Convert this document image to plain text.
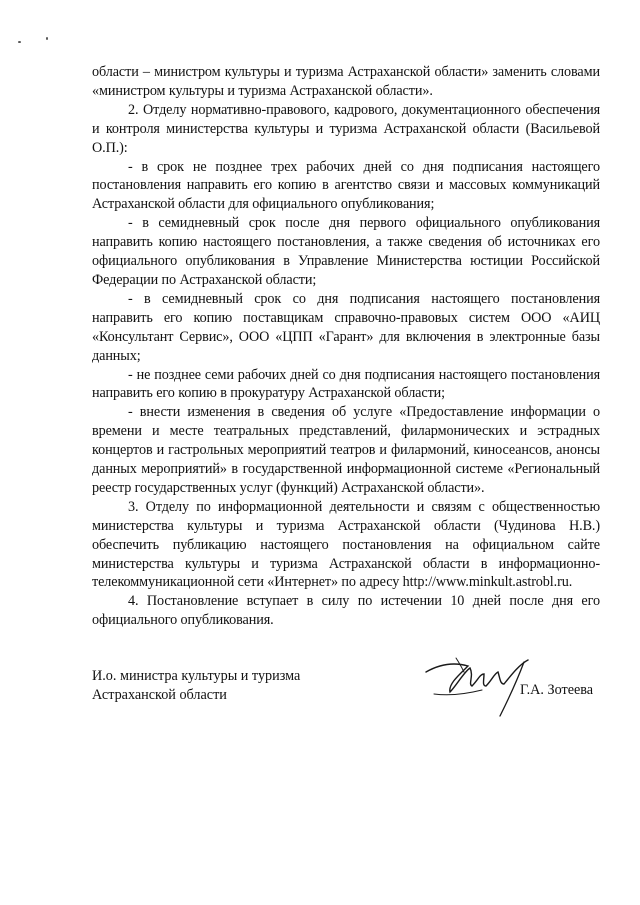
области – министром культуры и туризма Астраханской области» заменить словами «министром культуры и туризма Астраханской области».

2. Отделу нормативно-правового, кадрового, документационного обеспечения и контроля министерства культуры и туризма Астраханской области (Васильевой О.П.):

- в срок не позднее трех рабочих дней со дня подписания настоящего постановления направить его копию в агентство связи и массовых коммуникаций Астраханской области для официального опубликования;

- в семидневный срок после дня первого официального опубликования направить копию настоящего постановления, а также сведения об источниках его официального опубликования в Управление Министерства юстиции Российской Федерации по Астраханской области;

- в семидневный срок со дня подписания настоящего постановления направить его копию поставщикам справочно-правовых систем ООО «АИЦ «Консультант Сервис», ООО «ЦПП «Гарант» для включения в электронные базы данных;

- не позднее семи рабочих дней со дня подписания настоящего постановления направить его копию в прокуратуру Астраханской области;

- внести изменения в сведения об услуге «Предоставление информации о времени и месте театральных представлений, филармонических и эстрадных концертов и гастрольных мероприятий театров и филармоний, киносеансов, анонсы данных мероприятий» в государственной информационной системе «Региональный реестр государственных услуг (функций) Астраханской области».

3. Отделу по информационной деятельности и связям с общественностью министерства культуры и туризма Астраханской области (Чудинова Н.В.) обеспечить публикацию настоящего постановления на официальном сайте министерства культуры и туризма Астраханской области в информационно-телекоммуникационной сети «Интернет» по адресу http://www.minkult.astrobl.ru.

4. Постановление вступает в силу по истечении 10 дней после дня его официального опубликования.

И.о. министра культуры и туризма
Астраханской области	Г.А. Зотеева
